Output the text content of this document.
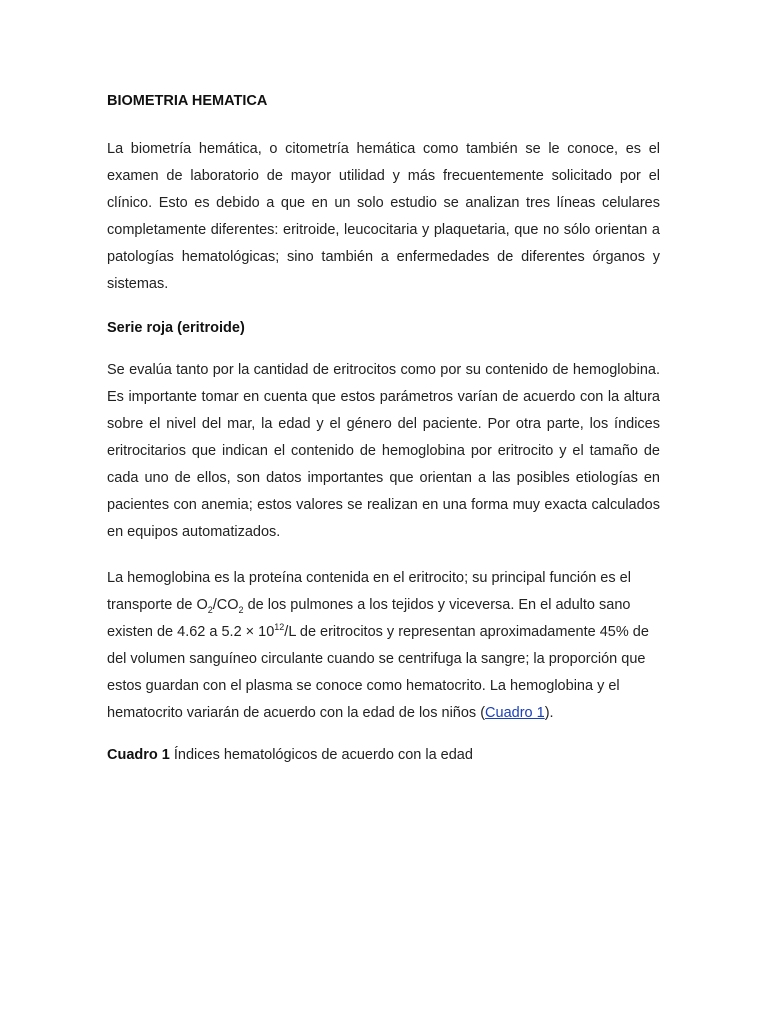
BIOMETRIA HEMATICA

La biometría hemática, o citometría hemática como también se le conoce, es el examen de laboratorio de mayor utilidad y más frecuentemente solicitado por el clínico. Esto es debido a que en un solo estudio se analizan tres líneas celulares completamente diferentes: eritroide, leucocitaria y plaquetaria, que no sólo orientan a patologías hematológicas; sino también a enfermedades de diferentes órganos y sistemas.

Serie roja (eritroide)

Se evalúa tanto por la cantidad de eritrocitos como por su contenido de hemoglobina. Es importante tomar en cuenta que estos parámetros varían de acuerdo con la altura sobre el nivel del mar, la edad y el género del paciente. Por otra parte, los índices eritrocitarios que indican el contenido de hemoglobina por eritrocito y el tamaño de cada uno de ellos, son datos importantes que orientan a las posibles etiologías en pacientes con anemia; estos valores se realizan en una forma muy exacta calculados en equipos automatizados.

La hemoglobina es la proteína contenida en el eritrocito; su principal función es el transporte de $O_2/CO_2$ de los pulmones a los tejidos y viceversa. En el adulto sano existen de 4.62 a $5.2 \times 10^{12}/L$ de eritrocitos y representan aproximadamente 45% de del volumen sanguíneo circulante cuando se centrifuga la sangre; la proporción que estos guardan con el plasma se conoce como hematocrito. La hemoglobina y el hematocrito variarán de acuerdo con la edad de los niños (Cuadro 1).

Cuadro 1 Índices hematológicos de acuerdo con la edad
